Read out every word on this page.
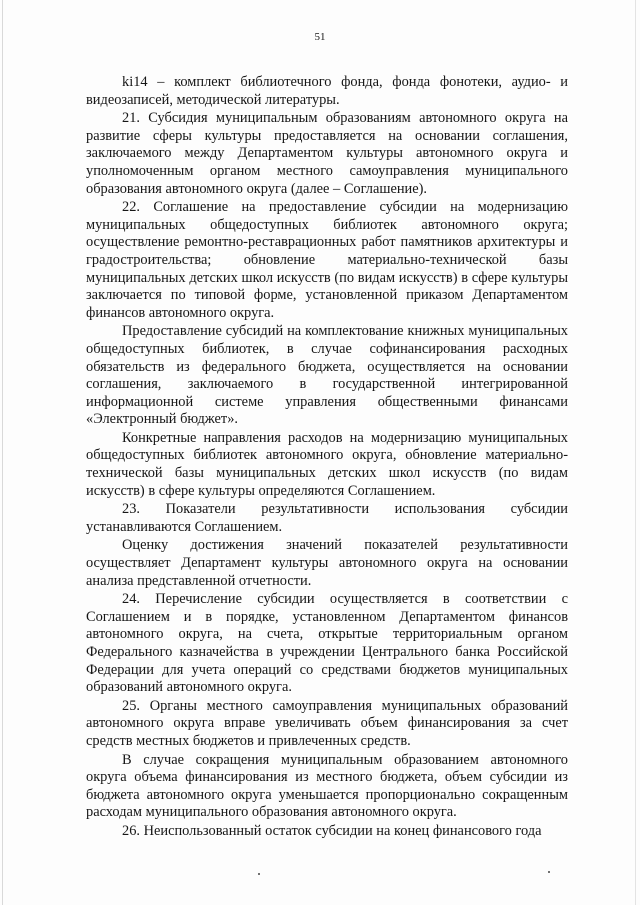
51

ki14 – комплект библиотечного фонда, фонда фонотеки, аудио- и видеозаписей, методической литературы.

21. Субсидия муниципальным образованиям автономного округа на развитие сферы культуры предоставляется на основании соглашения, заключаемого между Департаментом культуры автономного округа и уполномоченным органом местного самоуправления муниципального образования автономного округа (далее – Соглашение).

22. Соглашение на предоставление субсидии на модернизацию муниципальных общедоступных библиотек автономного округа; осуществление ремонтно-реставрационных работ памятников архитектуры и градостроительства; обновление материально-технической базы муниципальных детских школ искусств (по видам искусств) в сфере культуры заключается по типовой форме, установленной приказом Департаментом финансов автономного округа.

Предоставление субсидий на комплектование книжных муниципальных общедоступных библиотек, в случае софинансирования расходных обязательств из федерального бюджета, осуществляется на основании соглашения, заключаемого в государственной интегрированной информационной системе управления общественными финансами «Электронный бюджет».

Конкретные направления расходов на модернизацию муниципальных общедоступных библиотек автономного округа, обновление материально-технической базы муниципальных детских школ искусств (по видам искусств) в сфере культуры определяются Соглашением.

23. Показатели результативности использования субсидии устанавливаются Соглашением.

Оценку достижения значений показателей результативности осуществляет Департамент культуры автономного округа на основании анализа представленной отчетности.

24. Перечисление субсидии осуществляется в соответствии с Соглашением и в порядке, установленном Департаментом финансов автономного округа, на счета, открытые территориальным органом Федерального казначейства в учреждении Центрального банка Российской Федерации для учета операций со средствами бюджетов муниципальных образований автономного округа.

25. Органы местного самоуправления муниципальных образований автономного округа вправе увеличивать объем финансирования за счет средств местных бюджетов и привлеченных средств.

В случае сокращения муниципальным образованием автономного округа объема финансирования из местного бюджета, объем субсидии из бюджета автономного округа уменьшается пропорционально сокращенным расходам муниципального образования автономного округа.

26. Неиспользованный остаток субсидии на конец финансового года
